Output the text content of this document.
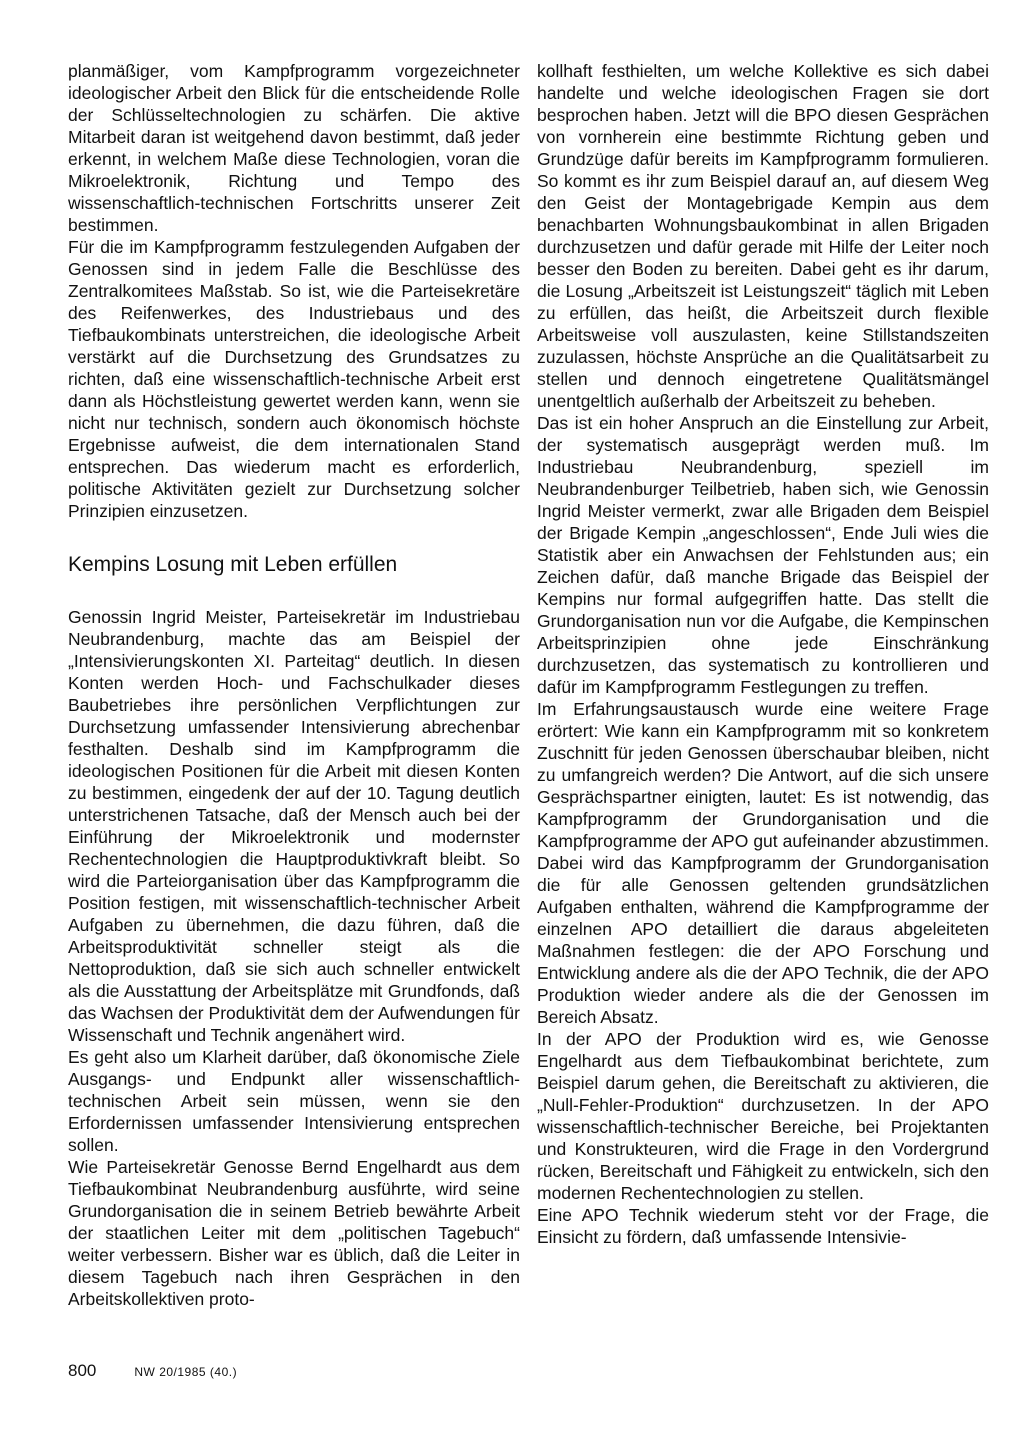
planmäßiger, vom Kampfprogramm vorgezeichneter ideologischer Arbeit den Blick für die entscheidende Rolle der Schlüsseltechnologien zu schärfen. Die aktive Mitarbeit daran ist weitgehend davon bestimmt, daß jeder erkennt, in welchem Maße diese Technologien, voran die Mikroelektronik, Richtung und Tempo des wissenschaftlich-technischen Fortschritts unserer Zeit bestimmen.

Für die im Kampfprogramm festzulegenden Aufgaben der Genossen sind in jedem Falle die Beschlüsse des Zentralkomitees Maßstab. So ist, wie die Parteisekretäre des Reifenwerkes, des Industriebaus und des Tiefbaukombinats unterstreichen, die ideologische Arbeit verstärkt auf die Durchsetzung des Grundsatzes zu richten, daß eine wissenschaftlich-technische Arbeit erst dann als Höchstleistung gewertet werden kann, wenn sie nicht nur technisch, sondern auch ökonomisch höchste Ergebnisse aufweist, die dem internationalen Stand entsprechen. Das wiederum macht es erforderlich, politische Aktivitäten gezielt zur Durchsetzung solcher Prinzipien einzusetzen.

Kempins Losung mit Leben erfüllen

Genossin Ingrid Meister, Parteisekretär im Industriebau Neubrandenburg, machte das am Beispiel der „Intensivierungskonten XI. Parteitag“ deutlich. In diesen Konten werden Hoch- und Fachschulkader dieses Baubetriebes ihre persönlichen Verpflichtungen zur Durchsetzung umfassender Intensivierung abrechenbar festhalten. Deshalb sind im Kampfprogramm die ideologischen Positionen für die Arbeit mit diesen Konten zu bestimmen, eingedenk der auf der 10. Tagung deutlich unterstrichenen Tatsache, daß der Mensch auch bei der Einführung der Mikroelektronik und modernster Rechentechnologien die Hauptproduktivkraft bleibt. So wird die Parteiorganisation über das Kampfprogramm die Position festigen, mit wissenschaftlich-technischer Arbeit Aufgaben zu übernehmen, die dazu führen, daß die Arbeitsproduktivität schneller steigt als die Nettoproduktion, daß sie sich auch schneller entwickelt als die Ausstattung der Arbeitsplätze mit Grundfonds, daß das Wachsen der Produktivität dem der Aufwendungen für Wissenschaft und Technik angenähert wird.

Es geht also um Klarheit darüber, daß ökonomische Ziele Ausgangs- und Endpunkt aller wissenschaftlich-technischen Arbeit sein müssen, wenn sie den Erfordernissen umfassender Intensivierung entsprechen sollen.

Wie Parteisekretär Genosse Bernd Engelhardt aus dem Tiefbaukombinat Neubrandenburg ausführte, wird seine Grundorganisation die in seinem Betrieb bewährte Arbeit der staatlichen Leiter mit dem „politischen Tagebuch“ weiter verbessern. Bisher war es üblich, daß die Leiter in diesem Tagebuch nach ihren Gesprächen in den Arbeitskollektiven proto-

kollhaft festhielten, um welche Kollektive es sich dabei handelte und welche ideologischen Fragen sie dort besprochen haben. Jetzt will die BPO diesen Gesprächen von vornherein eine bestimmte Richtung geben und Grundzüge dafür bereits im Kampfprogramm formulieren. So kommt es ihr zum Beispiel darauf an, auf diesem Weg den Geist der Montagebrigade Kempin aus dem benachbarten Wohnungsbaukombinat in allen Brigaden durchzusetzen und dafür gerade mit Hilfe der Leiter noch besser den Boden zu bereiten. Dabei geht es ihr darum, die Losung „Arbeitszeit ist Leistungszeit“ täglich mit Leben zu erfüllen, das heißt, die Arbeitszeit durch flexible Arbeitsweise voll auszulasten, keine Stillstandszeiten zuzulassen, höchste Ansprüche an die Qualitätsarbeit zu stellen und dennoch eingetretene Qualitätsmängel unentgeltlich außerhalb der Arbeitszeit zu beheben.

Das ist ein hoher Anspruch an die Einstellung zur Arbeit, der systematisch ausgeprägt werden muß. Im Industriebau Neubrandenburg, speziell im Neubrandenburger Teilbetrieb, haben sich, wie Genossin Ingrid Meister vermerkt, zwar alle Brigaden dem Beispiel der Brigade Kempin „angeschlossen“, Ende Juli wies die Statistik aber ein Anwachsen der Fehlstunden aus; ein Zeichen dafür, daß manche Brigade das Beispiel der Kempins nur formal aufgegriffen hatte. Das stellt die Grundorganisation nun vor die Aufgabe, die Kempinschen Arbeitsprinzipien ohne jede Einschränkung durchzusetzen, das systematisch zu kontrollieren und dafür im Kampfprogramm Festlegungen zu treffen.

Im Erfahrungsaustausch wurde eine weitere Frage erörtert: Wie kann ein Kampfprogramm mit so konkretem Zuschnitt für jeden Genossen überschaubar bleiben, nicht zu umfangreich werden? Die Antwort, auf die sich unsere Gesprächspartner einigten, lautet: Es ist notwendig, das Kampfprogramm der Grundorganisation und die Kampfprogramme der APO gut aufeinander abzustimmen. Dabei wird das Kampfprogramm der Grundorganisation die für alle Genossen geltenden grundsätzlichen Aufgaben enthalten, während die Kampfprogramme der einzelnen APO detailliert die daraus abgeleiteten Maßnahmen festlegen: die der APO Forschung und Entwicklung andere als die der APO Technik, die der APO Produktion wieder andere als die der Genossen im Bereich Absatz.

In der APO der Produktion wird es, wie Genosse Engelhardt aus dem Tiefbaukombinat berichtete, zum Beispiel darum gehen, die Bereitschaft zu aktivieren, die „Null-Fehler-Produktion“ durchzusetzen. In der APO wissenschaftlich-technischer Bereiche, bei Projektanten und Konstrukteuren, wird die Frage in den Vordergrund rücken, Bereitschaft und Fähigkeit zu entwickeln, sich den modernen Rechentechnologien zu stellen.

Eine APO Technik wiederum steht vor der Frage, die Einsicht zu fördern, daß umfassende Intensivie-

800	NW 20/1985 (40.)
